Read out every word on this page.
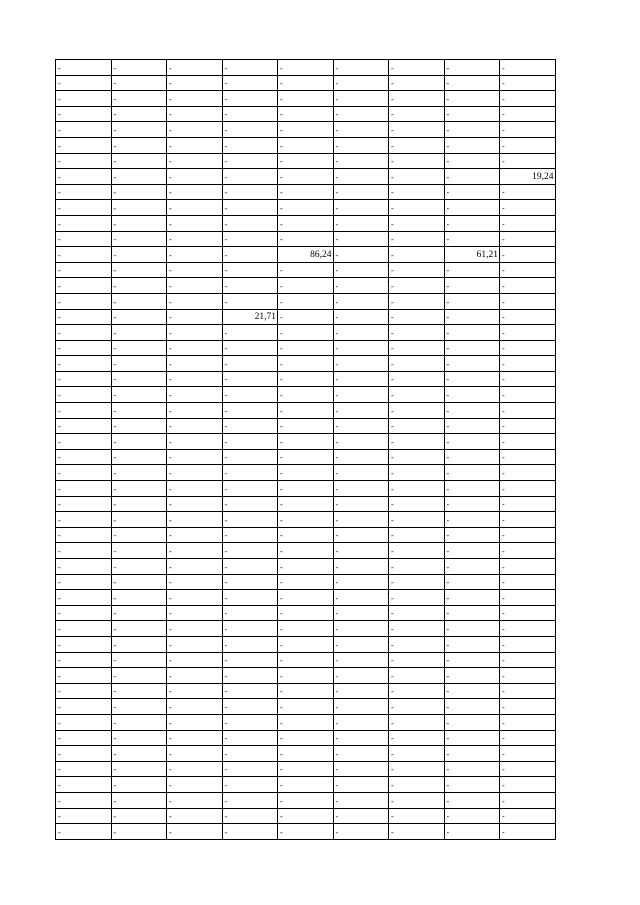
-	-	-	-	-	-	-	-	-
-	-	-	-	-	-	-	-	-
-	-	-	-	-	-	-	-	-
-	-	-	-	-	-	-	-	-
-	-	-	-	-	-	-	-	-
-	-	-	-	-	-	-	-	-
-	-	-	-	-	-	-	-	-
-	-	-	-	-	-	-	-	19,24
-	-	-	-	-	-	-	-	-
-	-	-	-	-	-	-	-	-
-	-	-	-	-	-	-	-	-
-	-	-	-	-	-	-	-	-
-	-	-	-	86,24	-	-	61,21	-
-	-	-	-	-	-	-	-	-
-	-	-	-	-	-	-	-	-
-	-	-	-	-	-	-	-	-
-	-	-	21,71	-	-	-	-	-
-	-	-	-	-	-	-	-	-
-	-	-	-	-	-	-	-	-
-	-	-	-	-	-	-	-	-
-	-	-	-	-	-	-	-	-
-	-	-	-	-	-	-	-	-
-	-	-	-	-	-	-	-	-
-	-	-	-	-	-	-	-	-
-	-	-	-	-	-	-	-	-
-	-	-	-	-	-	-	-	-
-	-	-	-	-	-	-	-	-
-	-	-	-	-	-	-	-	-
-	-	-	-	-	-	-	-	-
-	-	-	-	-	-	-	-	-
-	-	-	-	-	-	-	-	-
-	-	-	-	-	-	-	-	-
-	-	-	-	-	-	-	-	-
-	-	-	-	-	-	-	-	-
-	-	-	-	-	-	-	-	-
-	-	-	-	-	-	-	-	-
-	-	-	-	-	-	-	-	-
-	-	-	-	-	-	-	-	-
-	-	-	-	-	-	-	-	-
-	-	-	-	-	-	-	-	-
-	-	-	-	-	-	-	-	-
-	-	-	-	-	-	-	-	-
-	-	-	-	-	-	-	-	-
-	-	-	-	-	-	-	-	-
-	-	-	-	-	-	-	-	-
-	-	-	-	-	-	-	-	-
-	-	-	-	-	-	-	-	-
-	-	-	-	-	-	-	-	-
-	-	-	-	-	-	-	-	-
-	-	-	-	-	-	-	-	-
